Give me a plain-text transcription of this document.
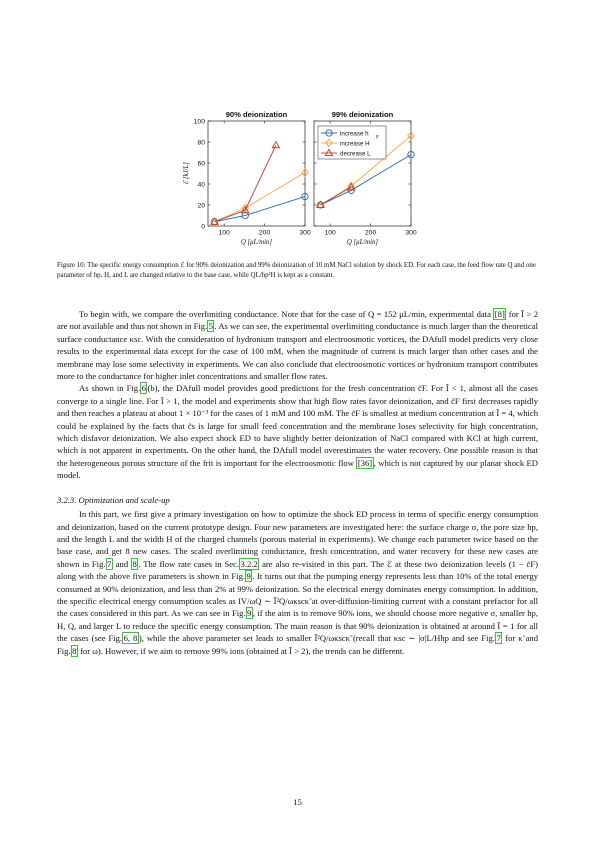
90% deionization
100	200	300
0
20
40
60
80
100
Q [μL/min]
ℰ [kJ/L]
99% deionization
100	200	300
Q [μL/min]
increase h p
increase H
decrease L
Figure 10: The specific energy consumption ℰ for 90% deionization and 99% deionization of 10 mM NaCl solution by shock ED. For each case, the feed flow rate Q and one parameter of hp, H, and L are changed relative to the base case, while QL/hp²H is kept as a constant.

To begin with, we compare the overlimiting conductance. Note that for the case of Q = 152 μL/min, experimental data [8] for Ĩ > 2 are not available and thus not shown in Fig. 5 . As we can see, the experimental overlimiting conductance is much larger than the theoretical surface conductance κsc. With the consideration of hydronium transport and electroosmotic vortices, the DAfull model predicts very close results to the experimental data except for the case of 100 mM, when the magnitude of current is much larger than other cases and the membrane may lose some selectivity in experiments. We can also conclude that electroosmotic vortices or hydronium transport contributes more to the conductance for higher inlet concentrations and smaller flow rates.

As shown in Fig. 6 (b), the DAfull model provides good predictions for the fresh concentration c̃F. For Ĩ < 1, almost all the cases converge to a single line. For Ĩ > 1, the model and experiments show that high flow rates favor deionization, and c̃F first decreases rapidly and then reaches a plateau at about 1 × 10⁻³ for the cases of 1 mM and 100 mM. The c̃F is smallest at medium concentration at Ĩ = 4, which could be explained by the facts that c̃s is large for small feed concentration and the membrane loses selectivity for high concentration, which disfavor deionization. We also expect shock ED to have slightly better deionization of NaCl compared with KCl at high current, which is not apparent in experiments. On the other hand, the DAfull model overestimates the water recovery. One possible reason is that the heterogeneous porous structure of the frit is important for the electroosmotic flow [36] , which is not captured by our planar shock ED model.

3.2.3. Optimization and scale-up

In this part, we first give a primary investigation on how to optimize the shock ED process in terms of specific energy consumption and deionization, based on the current prototype design. Four new parameters are investigated here: the surface charge σ, the pore size hp, and the length L and the width H of the charged channels (porous material in experiments). We change each parameter twice based on the base case, and get 8 new cases. The scaled overlimiting conductance, fresh concentration, and water recovery for these new cases are shown in Fig. 7 and 8 . The flow rate cases in Sec. 3.2.2 are also re-visited in this part. The ℰ at these two deionization levels (1 − c̃F) along with the above five parameters is shown in Fig. 9 . It turns out that the pumping energy represents less than 10% of the total energy consumed at 90% deionization, and less than 2% at 99% deionization. So the electrical energy dominates energy consumption. In addition, the specific electrical energy consumption scales as IV/ωQ ∼ Ĩ²Q/ωκscκ̃ at over-diffusion-limiting current with a constant prefactor for all the cases considered in this part. As we can see in Fig. 9 , if the aim is to remove 90% ions, we should choose more negative σ, smaller hp, H, Q, and larger L to reduce the specific energy consumption. The main reason is that 90% deionization is obtained at around Ĩ = 1 for all the cases (see Fig. 6, 8 ), while the above parameter set leads to smaller Ĩ²Q/ωκscκ̃ (recall that κsc ∼ |σ|L/Hhp and see Fig. 7 for κ̃ and Fig. 8 for ω). However, if we aim to remove 99% ions (obtained at Ĩ > 2), the trends can be different.

15
